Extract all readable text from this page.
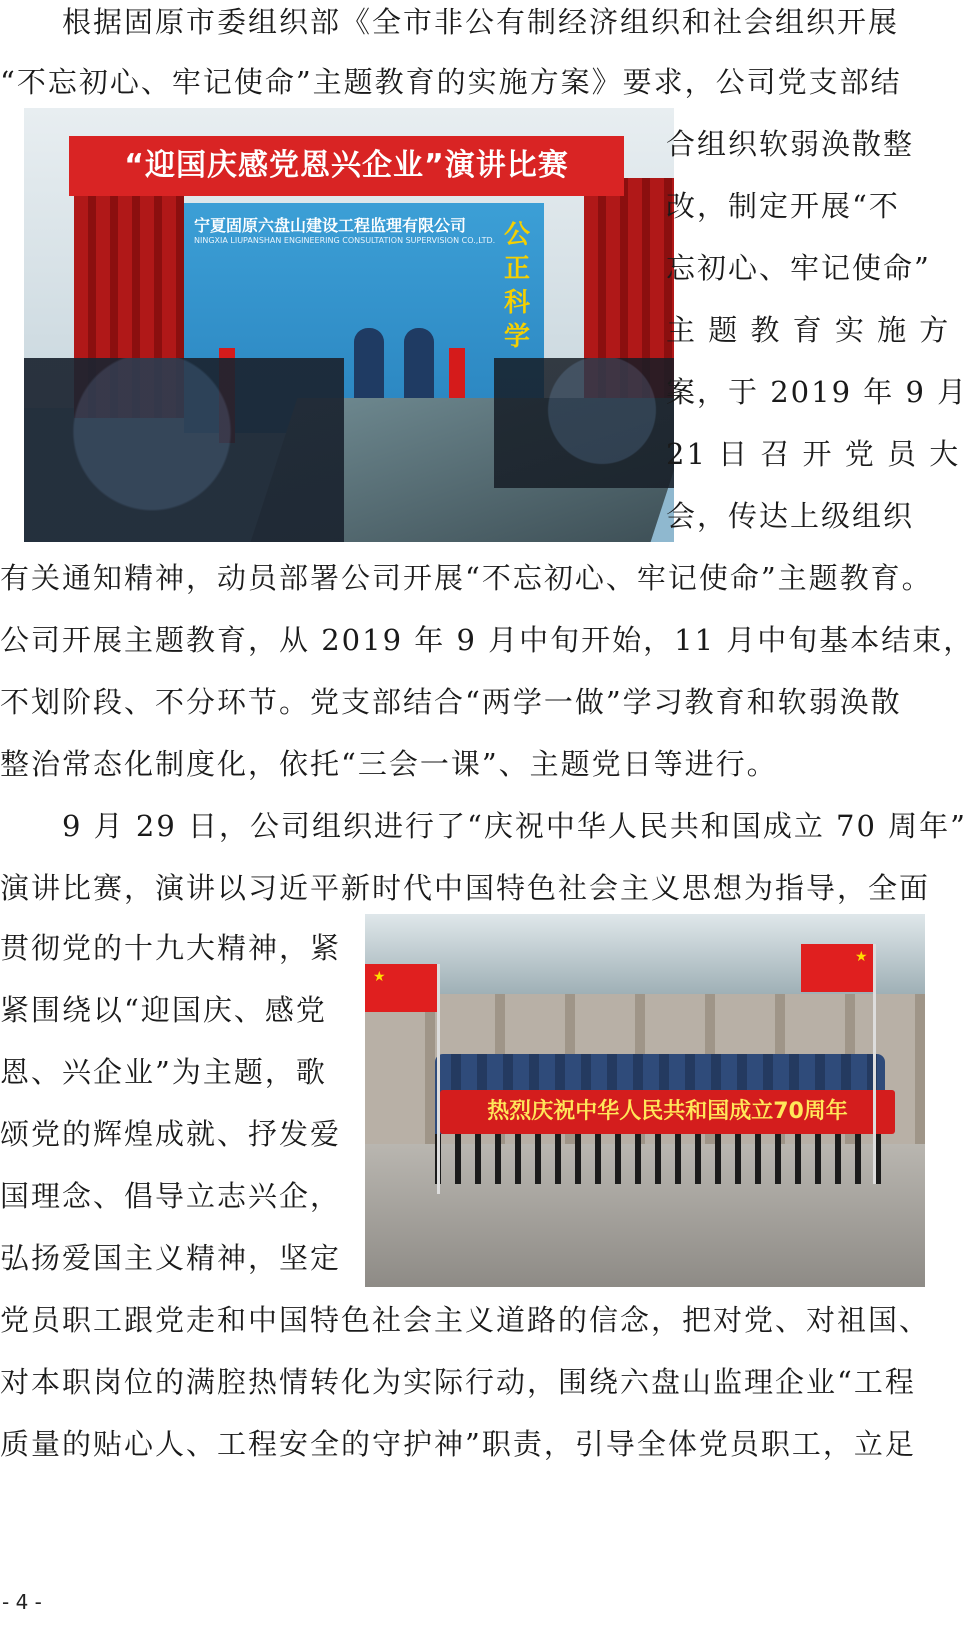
　　根据固原市委组织部《全市非公有制经济组织和社会组织开展
“不忘初心、牢记使命”主题教育的实施方案》要求，公司党支部结
“迎国庆感党恩兴企业”演讲比赛
宁夏固原六盘山建设工程监理有限公司
NINGXIA LIUPANSHAN ENGINEERING CONSULTATION SUPERVISION CO.,LTD. 公正科学
合组织软弱涣散整
改，制定开展“不
忘初心、牢记使命”
主 题 教 育 实 施 方
案，于 2019 年 9 月
21 日 召 开 党 员 大
会，传达上级组织
有关通知精神，动员部署公司开展“不忘初心、牢记使命”主题教育。
公司开展主题教育，从 2019 年 9 月中旬开始，11 月中旬基本结束，
不划阶段、不分环节。党支部结合“两学一做”学习教育和软弱涣散
整治常态化制度化，依托“三会一课”、主题党日等进行。
　　9 月 29 日，公司组织进行了“庆祝中华人民共和国成立 70 周年”
演讲比赛，演讲以习近平新时代中国特色社会主义思想为指导，全面
贯彻党的十九大精神，紧
紧围绕以“迎国庆、感党
恩、兴企业”为主题，歌
颂党的辉煌成就、抒发爱
国理念、倡导立志兴企，
弘扬爱国主义精神，坚定
热烈庆祝中华人民共和国成立70周年
★
★
党员职工跟党走和中国特色社会主义道路的信念，把对党、对祖国、
对本职岗位的满腔热情转化为实际行动，围绕六盘山监理企业“工程
质量的贴心人、工程安全的守护神”职责，引导全体党员职工，立足
- 4 -
